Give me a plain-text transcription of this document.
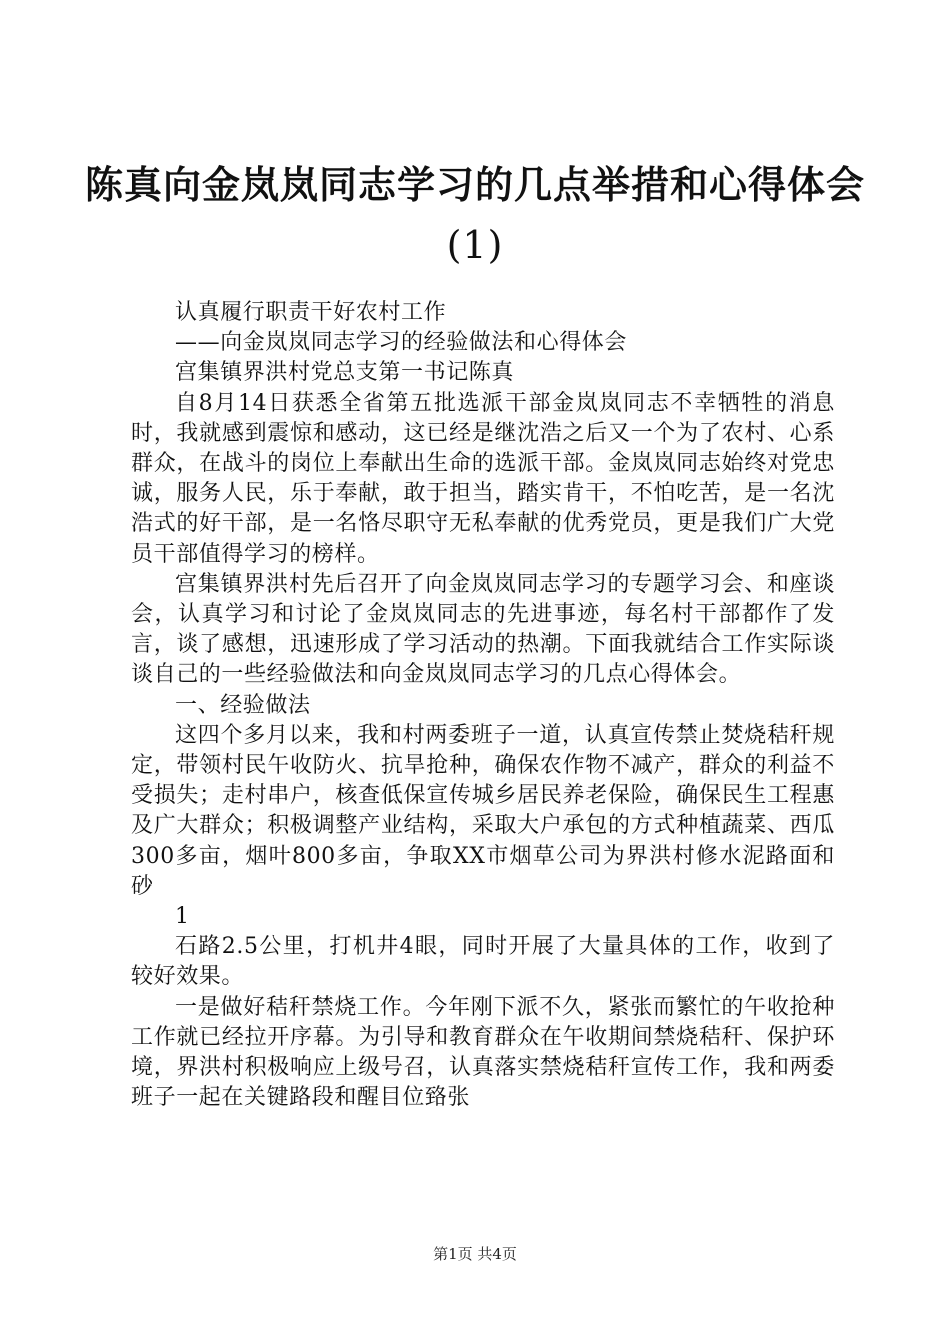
陈真向金岚岚同志学习的几点举措和心得体会
(1)

认真履行职责干好农村工作

——向金岚岚同志学习的经验做法和心得体会

宫集镇界洪村党总支第一书记陈真

自8月14日获悉全省第五批选派干部金岚岚同志不幸牺牲的消息时，我就感到震惊和感动，这已经是继沈浩之后又一个为了农村、心系群众，在战斗的岗位上奉献出生命的选派干部。金岚岚同志始终对党忠诚，服务人民，乐于奉献，敢于担当，踏实肯干，不怕吃苦，是一名沈浩式的好干部，是一名恪尽职守无私奉献的优秀党员，更是我们广大党员干部值得学习的榜样。

宫集镇界洪村先后召开了向金岚岚同志学习的专题学习会、和座谈会，认真学习和讨论了金岚岚同志的先进事迹，每名村干部都作了发言，谈了感想，迅速形成了学习活动的热潮。下面我就结合工作实际谈谈自己的一些经验做法和向金岚岚同志学习的几点心得体会。

一、经验做法

这四个多月以来，我和村两委班子一道，认真宣传禁止焚烧秸秆规定，带领村民午收防火、抗旱抢种，确保农作物不减产，群众的利益不受损失；走村串户，核查低保宣传城乡居民养老保险，确保民生工程惠及广大群众；积极调整产业结构，采取大户承包的方式种植蔬菜、西瓜300多亩，烟叶800多亩，争取XX市烟草公司为界洪村修水泥路面和砂

1

石路2.5公里，打机井4眼，同时开展了大量具体的工作，收到了较好效果。

一是做好秸秆禁烧工作。今年刚下派不久，紧张而繁忙的午收抢种工作就已经拉开序幕。为引导和教育群众在午收期间禁烧秸秆、保护环境，界洪村积极响应上级号召，认真落实禁烧秸秆宣传工作，我和两委班子一起在关键路段和醒目位臵张

第1页 共4页
